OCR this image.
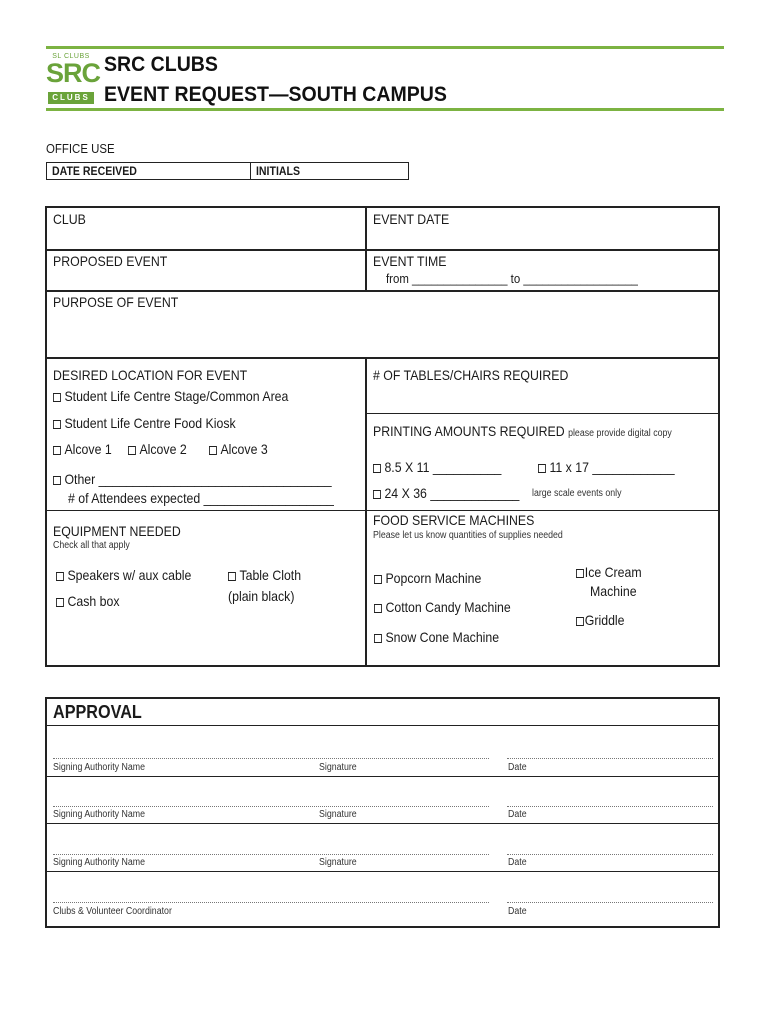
SL CLUBS
SRC
CLUBS
SRC CLUBS
EVENT REQUEST—SOUTH CAMPUS
OFFICE USE
DATE RECEIVED	INITIALS
CLUB	EVENT DATE
PROPOSED EVENT	EVENT TIME
from _______________ to __________________
PURPOSE OF EVENT
DESIRED LOCATION FOR EVENT
Student Life Centre Stage/Common Area
Student Life Centre Food Kiosk
Alcove 1	Alcove 2	Alcove 3
Other __________________________________
# of Attendees expected ___________________
# OF TABLES/CHAIRS REQUIRED
PRINTING AMOUNTS REQUIRED please provide digital copy
8.5 X 11 __________	11 x 17 ____________
24 X 36 _____________ large scale events only
EQUIPMENT NEEDED
Check all that apply
Speakers w/ aux cable
Cash box
Table Cloth
(plain black)
FOOD SERVICE MACHINES
Please let us know quantities of supplies needed
Popcorn Machine
Cotton Candy Machine
Snow Cone Machine
Ice Cream
Machine
Griddle
APPROVAL
Signing Authority Name	Signature	Date
Signing Authority Name	Signature	Date
Signing Authority Name	Signature	Date
Clubs & Volunteer Coordinator	Date
